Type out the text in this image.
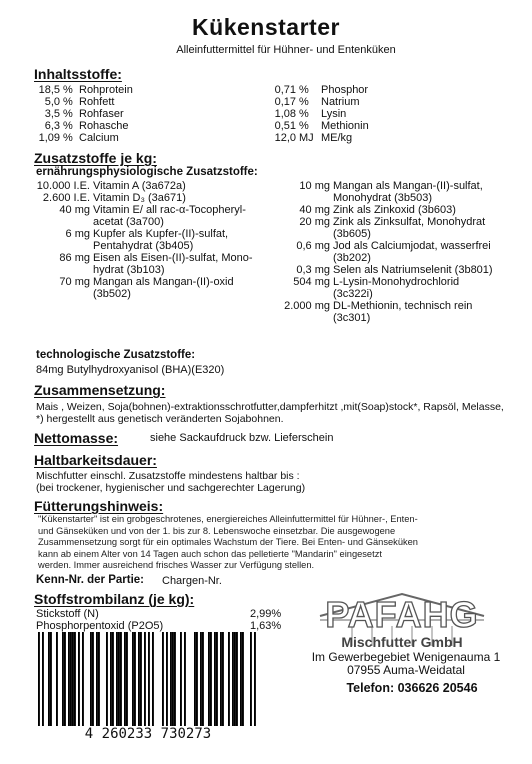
Kükenstarter
Alleinfuttermittel für Hühner- und Entenküken
Inhaltsstoffe:
18,5 % Rohprotein
5,0 % Rohfett
3,5 % Rohfaser
6,3 % Rohasche
1,09 % Calcium
0,71 % Phosphor
0,17 % Natrium
1,08 % Lysin
0,51 % Methionin
12,0 MJ ME/kg
Zusatzstoffe je kg:
ernährungsphysiologische Zusatzstoffe:
10.000 I.E. Vitamin A (3a672a)
2.600 I.E. Vitamin D₃ (3a671)
40 mg Vitamin E/ all rac-α-Tocopheryl-
acetat (3a700)
6 mg Kupfer als Kupfer-(II)-sulfat,
Pentahydrat (3b405)
86 mg Eisen als Eisen-(II)-sulfat, Mono-
hydrat (3b103)
70 mg Mangan als Mangan-(II)-oxid
(3b502)
10 mg Mangan als Mangan-(II)-sulfat,
Monohydrat (3b503)
40 mg Zink als Zinkoxid (3b603)
20 mg Zink als Zinksulfat, Monohydrat
(3b605)
0,6 mg Jod als Calciumjodat, wasserfrei
(3b202)
0,3 mg Selen als Natriumselenit (3b801)
504 mg L-Lysin-Monohydrochlorid
(3c322i)
2.000 mg DL-Methionin, technisch rein
(3c301)
technologische Zusatzstoffe:
84mg Butylhydroxyanisol (BHA)(E320)
Zusammensetzung:
Mais , Weizen, Soja(bohnen)-extraktionsschrotfutter,dampferhitzt ,mit(Soap)stock*, Rapsöl, Melasse,
*) hergestellt aus genetisch veränderten Sojabohnen.
Nettomasse:	siehe Sackaufdruck bzw. Lieferschein
Haltbarkeitsdauer:
Mischfutter einschl. Zusatzstoffe mindestens haltbar bis :
(bei trockener, hygienischer und sachgerechter Lagerung)
Fütterungshinweis:
"Kükenstarter" ist ein grobgeschrotenes, energiereiches Alleinfuttermittel für Hühner-, Enten-
und Gänseküken und von der 1. bis zur 8. Lebenswoche einsetzbar. Die ausgewogene
Zusammensetzung sorgt für ein optimales Wachstum der Tiere. Bei Enten- und Gänseküken
kann ab einem Alter von 14 Tagen auch schon das pelletierte "Mandarin" eingesetzt
werden. Immer ausreichend frisches Wasser zur Verfügung stellen.
Kenn-Nr. der Partie: Chargen-Nr.
Stoffstrombilanz (je kg):
Stickstoff (N)	2,99%
Phosphorpentoxid (P2O5)	1,63%
4 260233 730273
PAFAHG
Mischfutter GmbH
Im Gewerbegebiet Wenigenauma 1
07955 Auma-Weidatal
Telefon: 036626 20546
